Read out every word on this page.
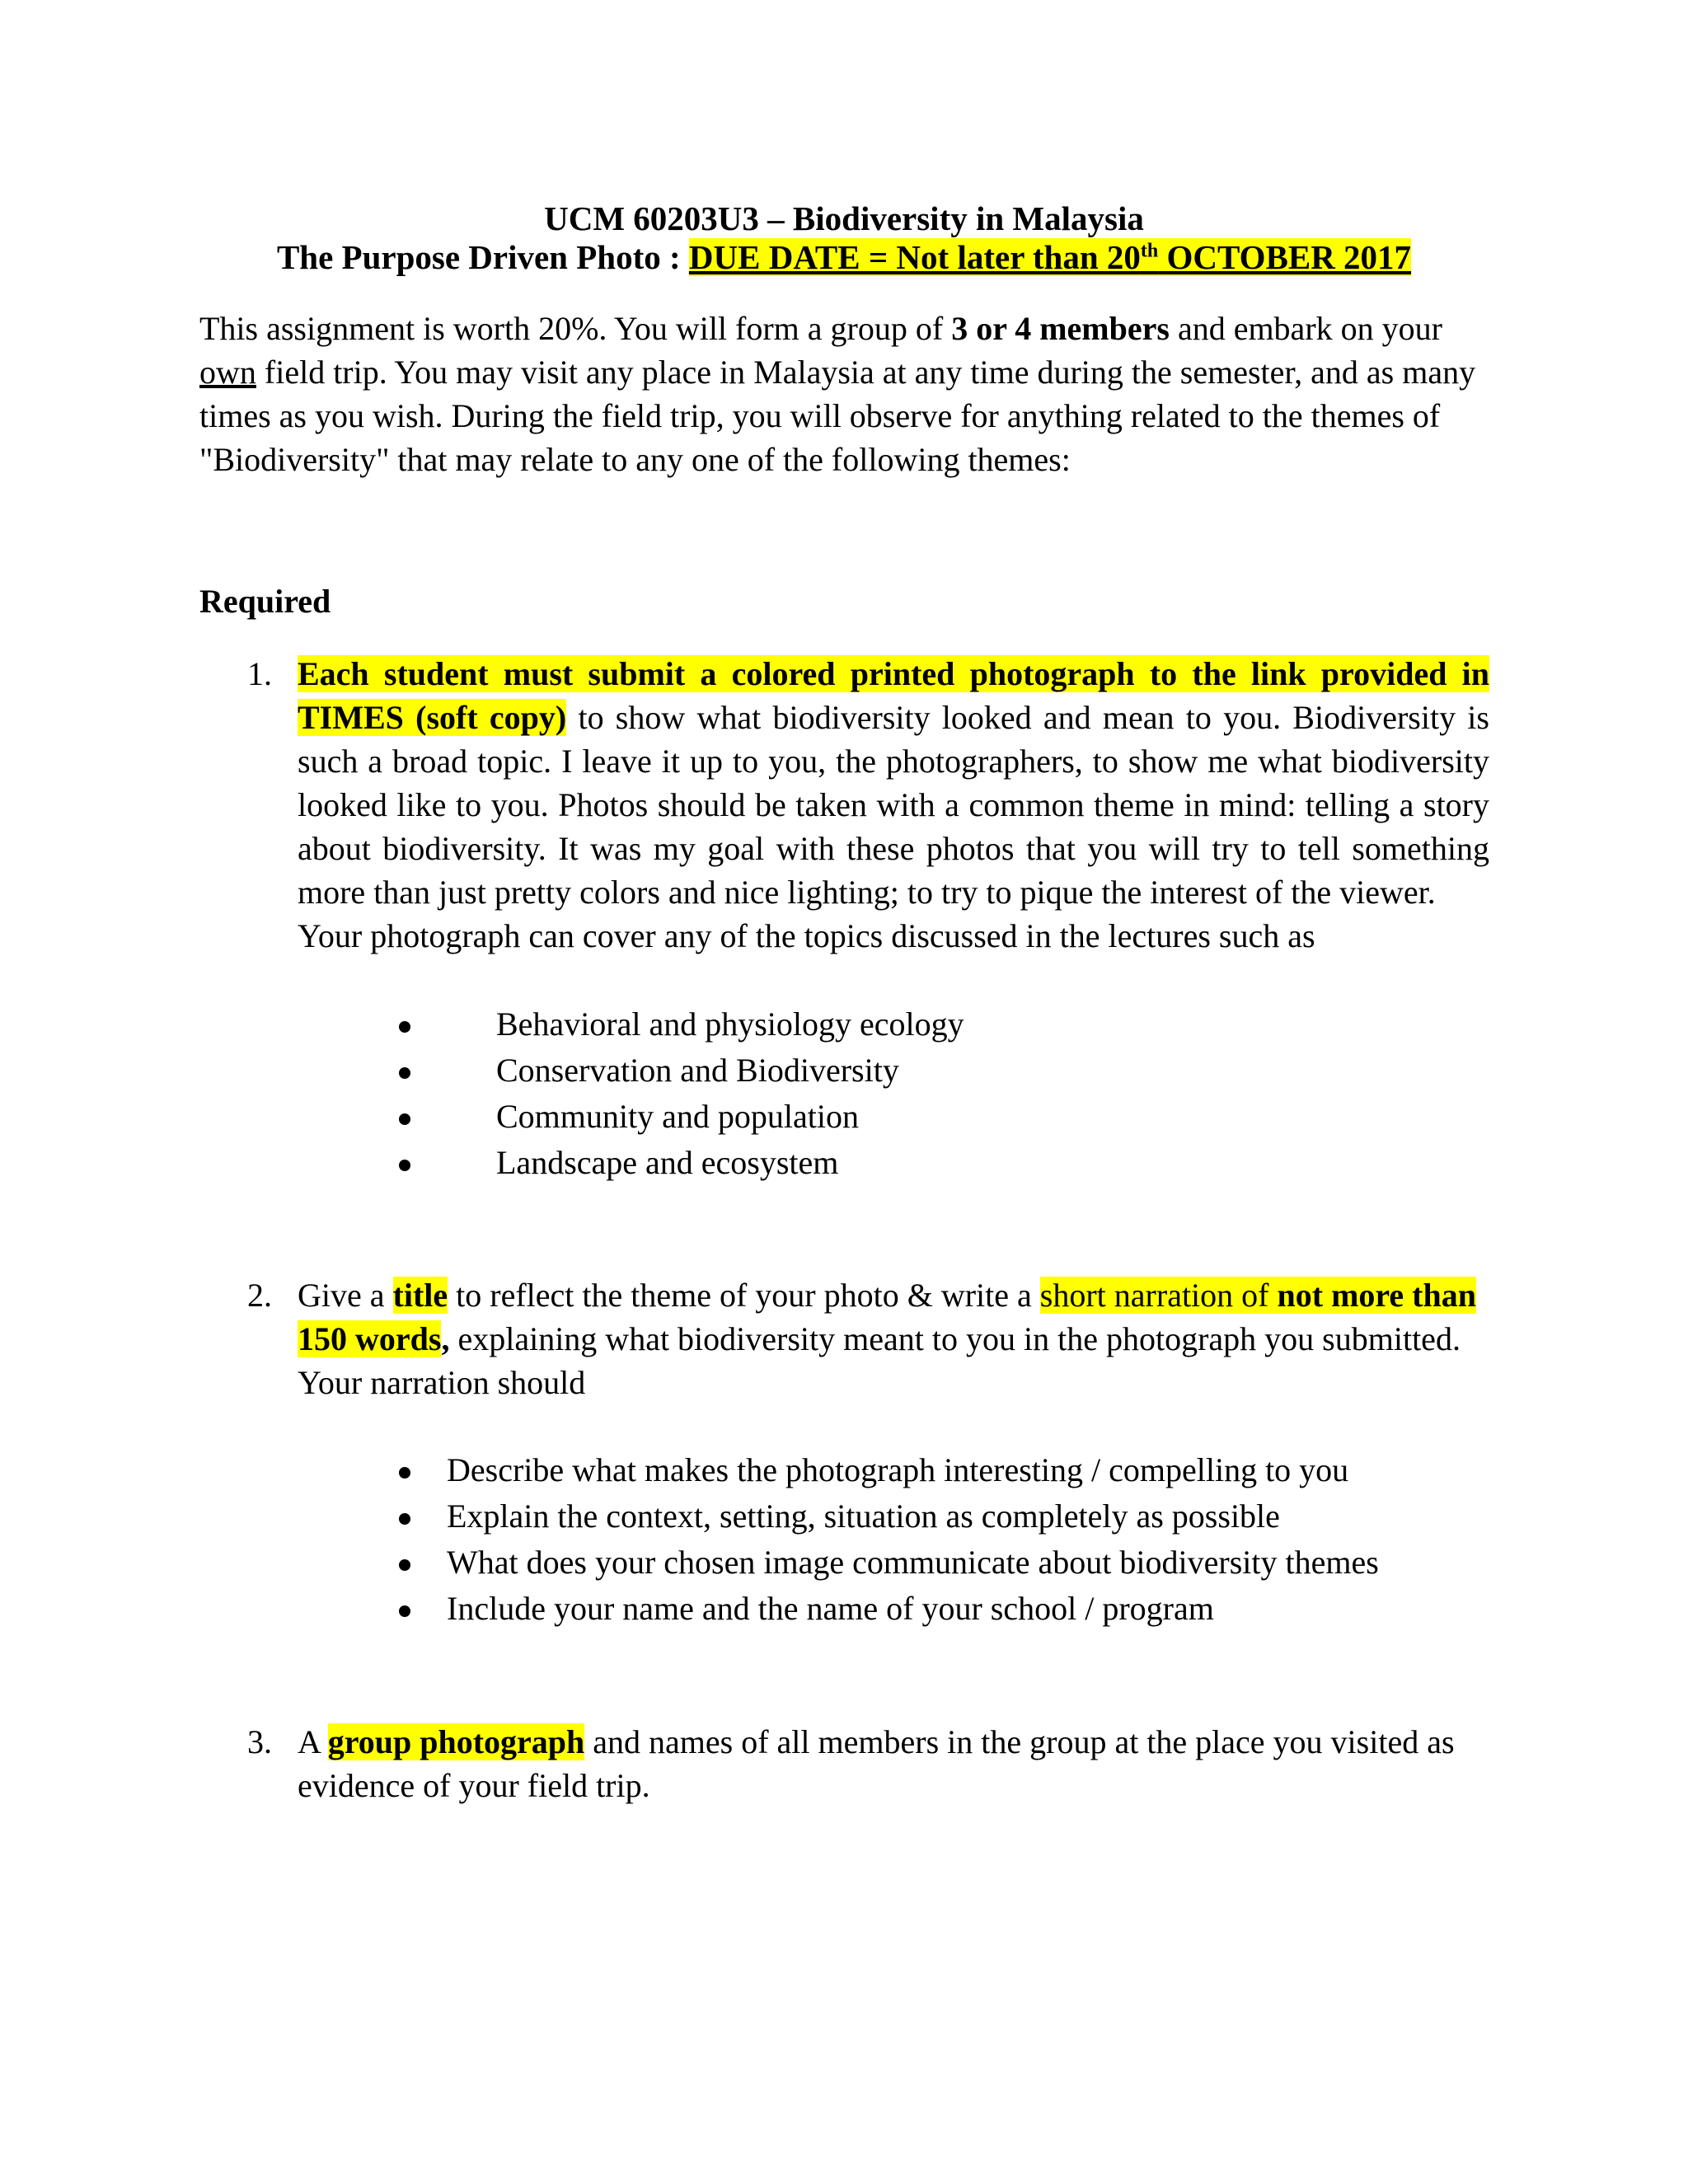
UCM 60203U3 – Biodiversity in Malaysia
The Purpose Driven Photo : DUE DATE = Not later than 20th OCTOBER 2017
This assignment is worth 20%. You will form a group of 3 or 4 members and embark on your
own field trip. You may visit any place in Malaysia at any time during the semester, and as many
times as you wish. During the field trip, you will observe for anything related to the themes of
"Biodiversity" that may relate to any one of the following themes:
Required
1. Each student must submit a colored printed photograph to the link provided in TIMES (soft copy) to show what biodiversity looked and mean to you. Biodiversity is such a broad topic. I leave it up to you, the photographers, to show me what biodiversity looked like to you. Photos should be taken with a common theme in mind: telling a story about biodiversity. It was my goal with these photos that you will try to tell something more than just pretty colors and nice lighting; to try to pique the interest of the viewer.
Your photograph can cover any of the topics discussed in the lectures such as
Behavioral and physiology ecology
Conservation and Biodiversity
Community and population
Landscape and ecosystem
2. Give a title to reflect the theme of your photo & write a short narration of not more than
150 words, explaining what biodiversity meant to you in the photograph you submitted.
Your narration should
Describe what makes the photograph interesting / compelling to you
Explain the context, setting, situation as completely as possible
What does your chosen image communicate about biodiversity themes
Include your name and the name of your school / program
3. A group photograph and names of all members in the group at the place you visited as
evidence of your field trip.
